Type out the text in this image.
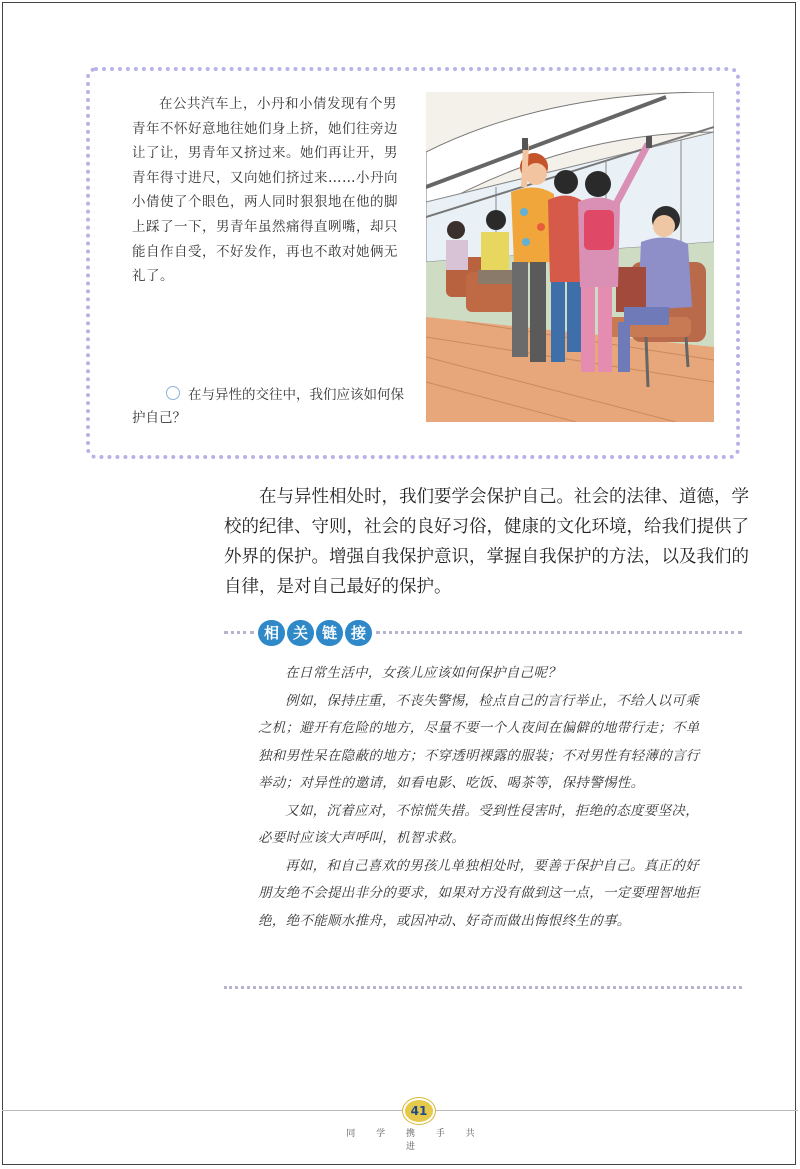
在公共汽车上，小丹和小倩发现有个男青年不怀好意地往她们身上挤，她们往旁边让了让，男青年又挤过来。她们再让开，男青年得寸进尺，又向她们挤过来……小丹向小倩使了个眼色，两人同时狠狠地在他的脚上踩了一下，男青年虽然痛得直咧嘴，却只能自作自受，不好发作，再也不敢对她俩无礼了。

在与异性的交往中，我们应该如何保护自己？

在与异性相处时，我们要学会保护自己。社会的法律、道德，学校的纪律、守则，社会的良好习俗，健康的文化环境，给我们提供了外界的保护。增强自我保护意识，掌握自我保护的方法，以及我们的自律，是对自己最好的保护。

相 关 链 接

在日常生活中，女孩儿应该如何保护自己呢？

例如，保持庄重，不丧失警惕，检点自己的言行举止，不给人以可乘之机；避开有危险的地方，尽量不要一个人夜间在偏僻的地带行走；不单独和男性呆在隐蔽的地方；不穿透明裸露的服装；不对男性有轻薄的言行举动；对异性的邀请，如看电影、吃饭、喝茶等，保持警惕性。

又如，沉着应对，不惊慌失措。受到性侵害时，拒绝的态度要坚决，必要时应该大声呼叫，机智求救。

再如，和自己喜欢的男孩儿单独相处时，要善于保护自己。真正的好朋友绝不会提出非分的要求，如果对方没有做到这一点，一定要理智地拒绝，绝不能顺水推舟，或因冲动、好奇而做出悔恨终生的事。

41
同 学 携 手 共 进
